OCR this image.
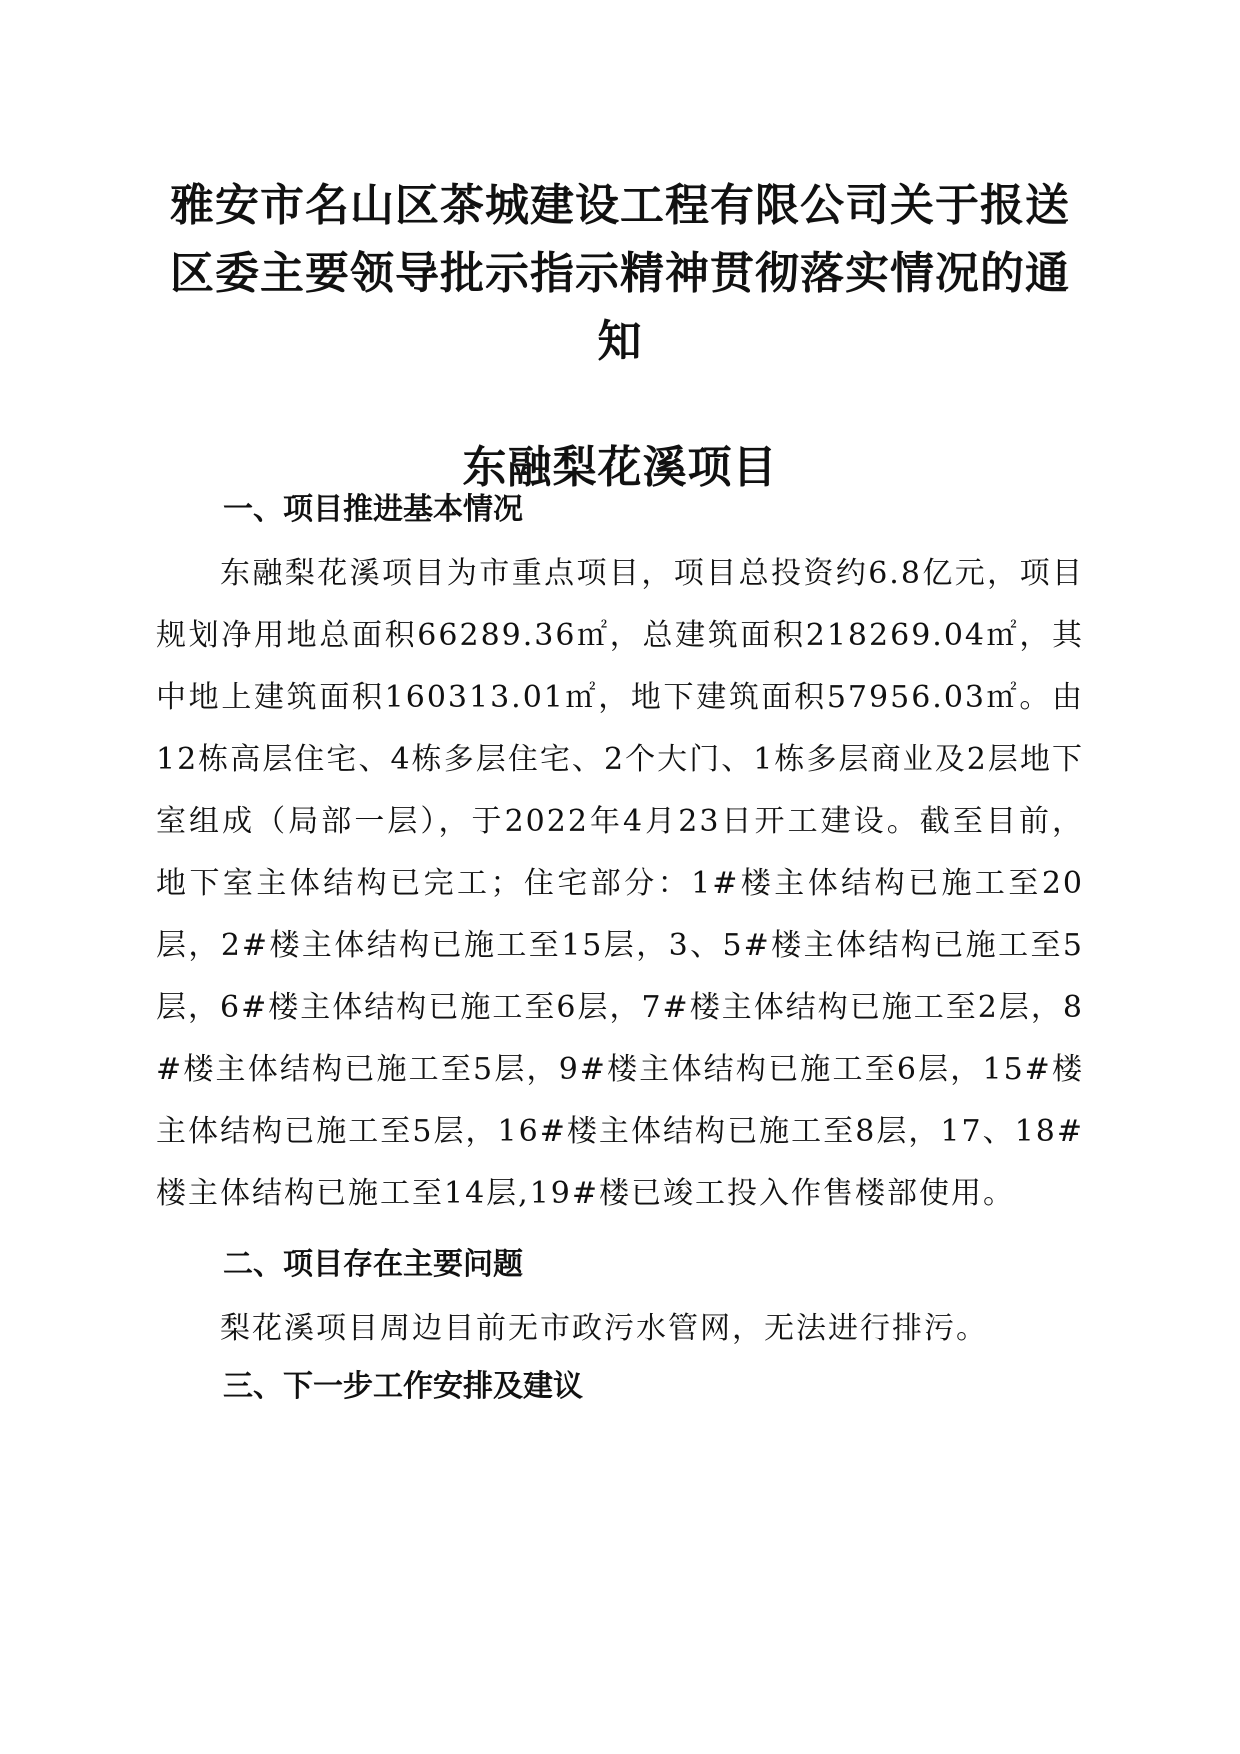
雅安市名山区茶城建设工程有限公司关于报送区委主要领导批示指示精神贯彻落实情况的通知
东融梨花溪项目
一、项目推进基本情况

东融梨花溪项目为市重点项目，项目总投资约6.8亿元，项目规划净用地总面积66289.36㎡，总建筑面积218269.04㎡，其中地上建筑面积160313.01㎡，地下建筑面积57956.03㎡。由12栋高层住宅、4栋多层住宅、2个大门、1栋多层商业及2层地下室组成（局部一层），于2022年4月23日开工建设。截至目前，地下室主体结构已完工；住宅部分：1#楼主体结构已施工至20层，2#楼主体结构已施工至15层，3、5#楼主体结构已施工至5层，6#楼主体结构已施工至6层，7#楼主体结构已施工至2层，8#楼主体结构已施工至5层，9#楼主体结构已施工至6层，15#楼主体结构已施工至5层，16#楼主体结构已施工至8层，17、18#楼主体结构已施工至14层,19#楼已竣工投入作售楼部使用。

二、项目存在主要问题

梨花溪项目周边目前无市政污水管网，无法进行排污。

三、下一步工作安排及建议
